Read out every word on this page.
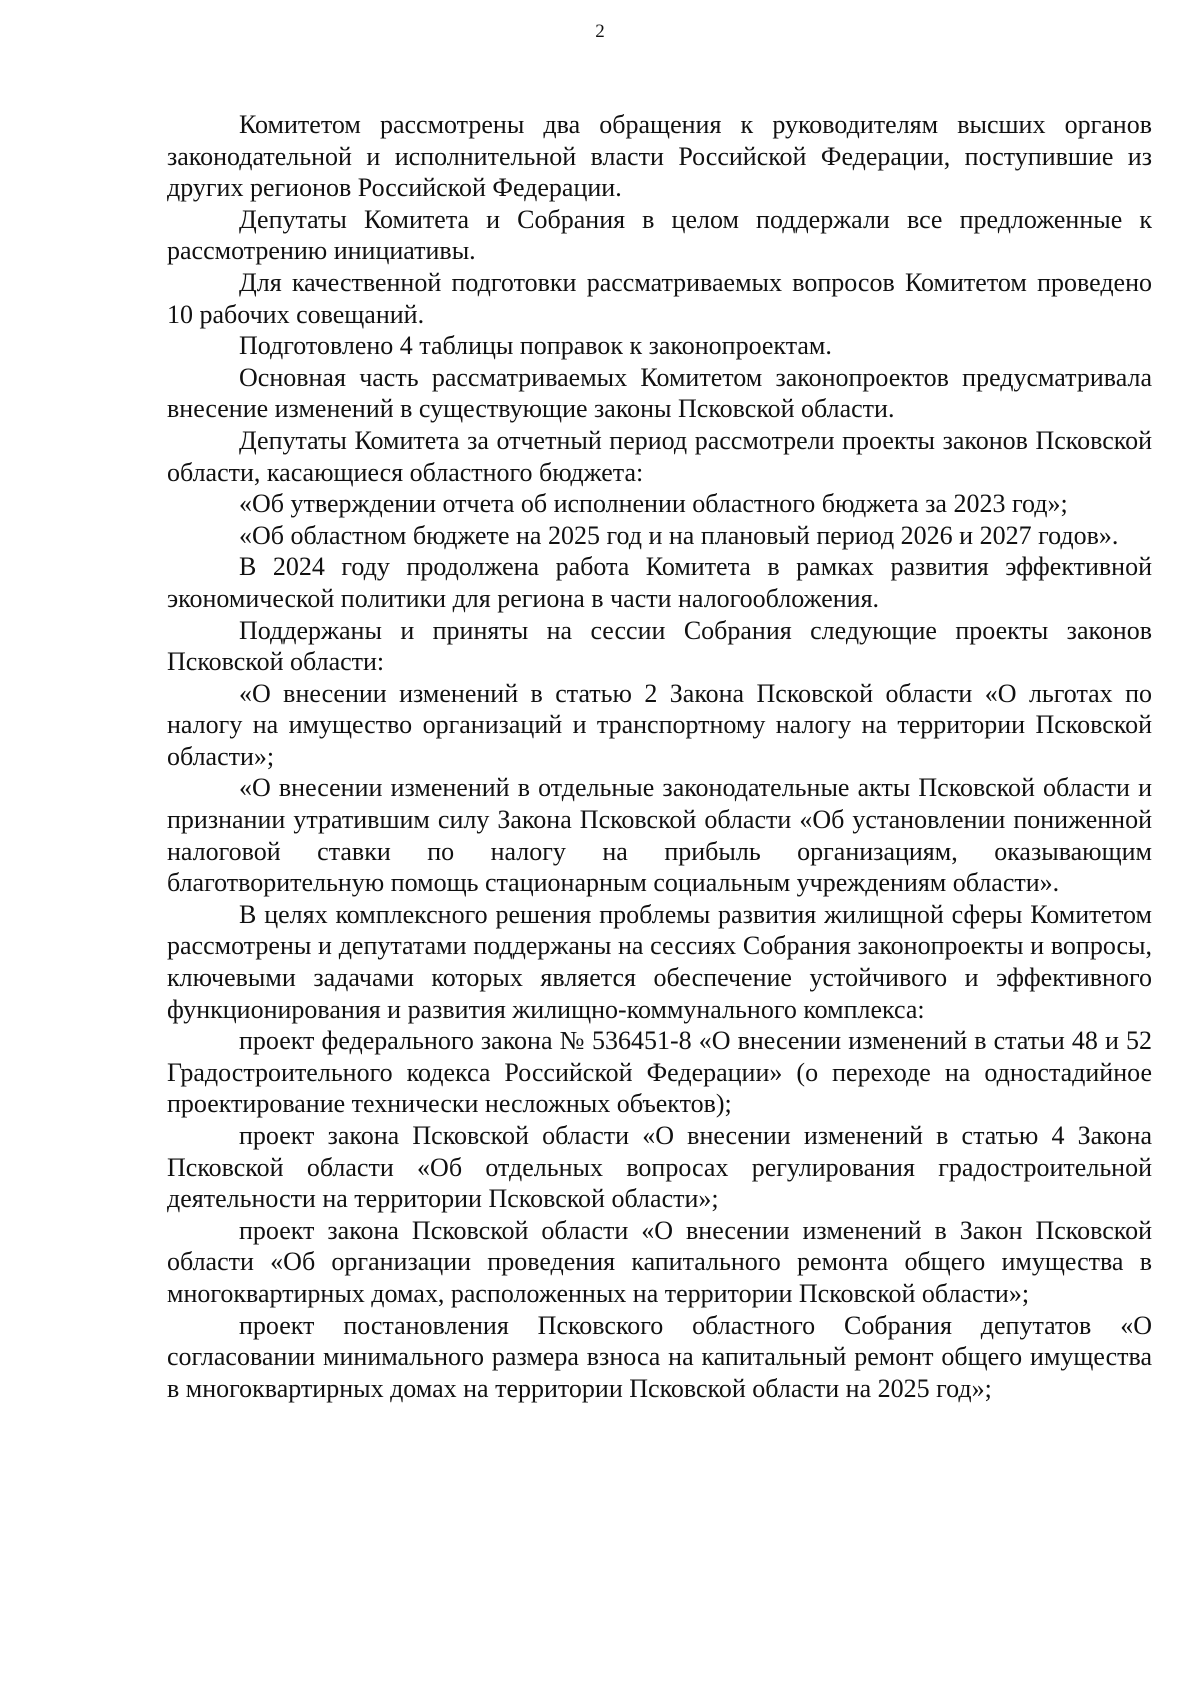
2

Комитетом рассмотрены два обращения к руководителям высших органов законодательной и исполнительной власти Российской Федерации, поступившие из других регионов Российской Федерации.

Депутаты Комитета и Собрания в целом поддержали все предложенные к рассмотрению инициативы.

Для качественной подготовки рассматриваемых вопросов Комитетом проведено 10 рабочих совещаний.

Подготовлено 4 таблицы поправок к законопроектам.

Основная часть рассматриваемых Комитетом законопроектов предусматривала внесение изменений в существующие законы Псковской области.

Депутаты Комитета за отчетный период рассмотрели проекты законов Псковской области, касающиеся областного бюджета:

«Об утверждении отчета об исполнении областного бюджета за 2023 год»;

«Об областном бюджете на 2025 год и на плановый период 2026 и 2027 годов».

В 2024 году продолжена работа Комитета в рамках развития эффективной экономической политики для региона в части налогообложения.

Поддержаны и приняты на сессии Собрания следующие проекты законов Псковской области:

«О внесении изменений в статью 2 Закона Псковской области «О льготах по налогу на имущество организаций и транспортному налогу на территории Псковской области»;

«О внесении изменений в отдельные законодательные акты Псковской области и признании утратившим силу Закона Псковской области «Об установлении пониженной налоговой ставки по налогу на прибыль организациям, оказывающим благотворительную помощь стационарным социальным учреждениям области».

В целях комплексного решения проблемы развития жилищной сферы Комитетом рассмотрены и депутатами поддержаны на сессиях Собрания законопроекты и вопросы, ключевыми задачами которых является обеспечение устойчивого и эффективного функционирования и развития жилищно-коммунального комплекса:

проект федерального закона № 536451-8 «О внесении изменений в статьи 48 и 52 Градостроительного кодекса Российской Федерации» (о переходе на одностадийное проектирование технически несложных объектов);

проект закона Псковской области «О внесении изменений в статью 4 Закона Псковской области «Об отдельных вопросах регулирования градостроительной деятельности на территории Псковской области»;

проект закона Псковской области «О внесении изменений в Закон Псковской области «Об организации проведения капитального ремонта общего имущества в многоквартирных домах, расположенных на территории Псковской области»;

проект постановления Псковского областного Собрания депутатов «О согласовании минимального размера взноса на капитальный ремонт общего имущества в многоквартирных домах на территории Псковской области на 2025 год»;
